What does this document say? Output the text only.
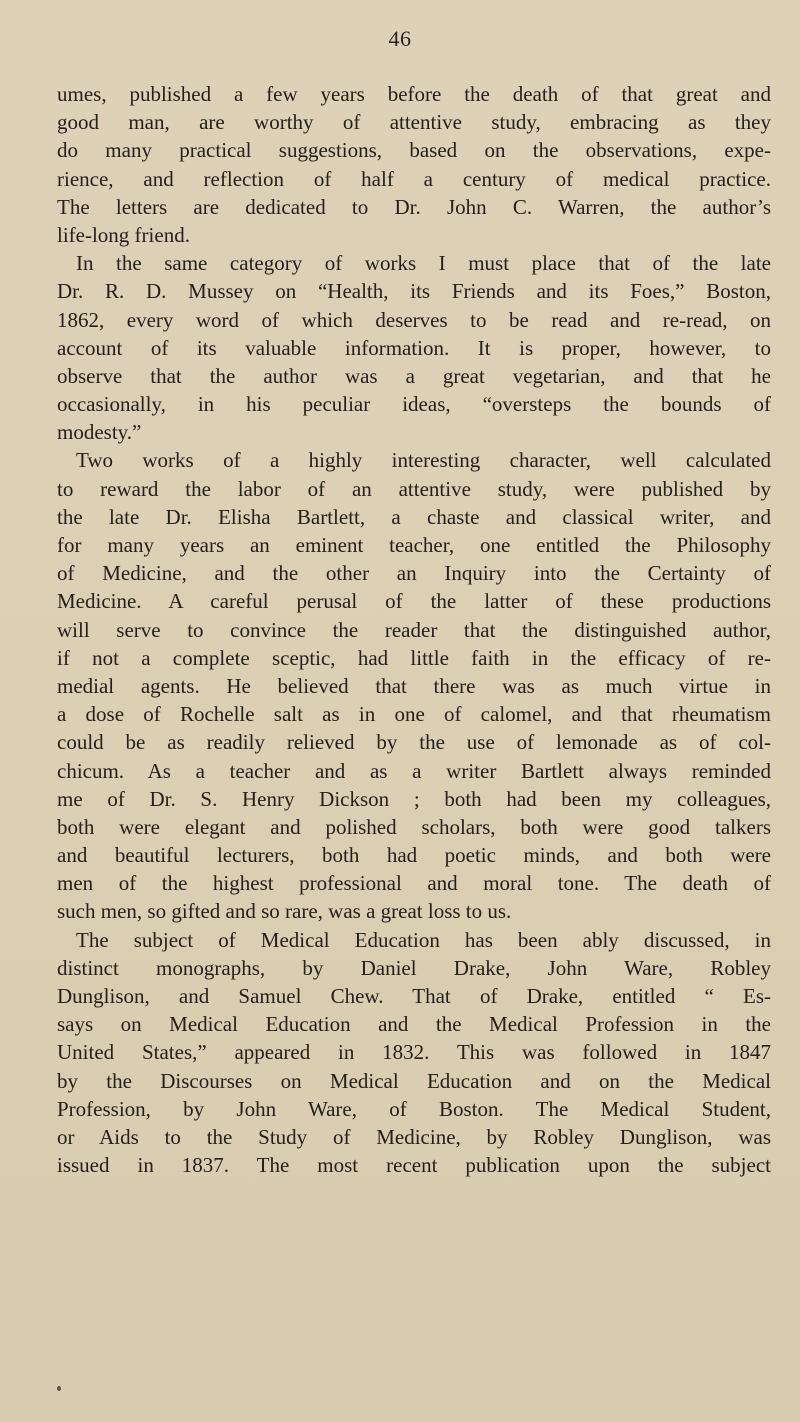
46
umes, published a few years before the death of that great and
good man, are worthy of attentive study, embracing as they
do many practical suggestions, based on the observations, expe-
rience, and reflection of half a century of medical practice.
The letters are dedicated to Dr. John C. Warren, the author’s
life-long friend.
In the same category of works I must place that of the late
Dr. R. D. Mussey on “Health, its Friends and its Foes,” Boston,
1862, every word of which deserves to be read and re-read, on
account of its valuable information. It is proper, however, to
observe that the author was a great vegetarian, and that he
occasionally, in his peculiar ideas, “oversteps the bounds of
modesty.”
Two works of a highly interesting character, well calculated
to reward the labor of an attentive study, were published by
the late Dr. Elisha Bartlett, a chaste and classical writer, and
for many years an eminent teacher, one entitled the Philosophy
of Medicine, and the other an Inquiry into the Certainty of
Medicine. A careful perusal of the latter of these productions
will serve to convince the reader that the distinguished author,
if not a complete sceptic, had little faith in the efficacy of re-
medial agents. He believed that there was as much virtue in
a dose of Rochelle salt as in one of calomel, and that rheumatism
could be as readily relieved by the use of lemonade as of col-
chicum. As a teacher and as a writer Bartlett always reminded
me of Dr. S. Henry Dickson ; both had been my colleagues,
both were elegant and polished scholars, both were good talkers
and beautiful lecturers, both had poetic minds, and both were
men of the highest professional and moral tone. The death of
such men, so gifted and so rare, was a great loss to us.
The subject of Medical Education has been ably discussed, in
distinct monographs, by Daniel Drake, John Ware, Robley
Dunglison, and Samuel Chew. That of Drake, entitled “ Es-
says on Medical Education and the Medical Profession in the
United States,” appeared in 1832. This was followed in 1847
by the Discourses on Medical Education and on the Medical
Profession, by John Ware, of Boston. The Medical Student,
or Aids to the Study of Medicine, by Robley Dunglison, was
issued in 1837. The most recent publication upon the subject
